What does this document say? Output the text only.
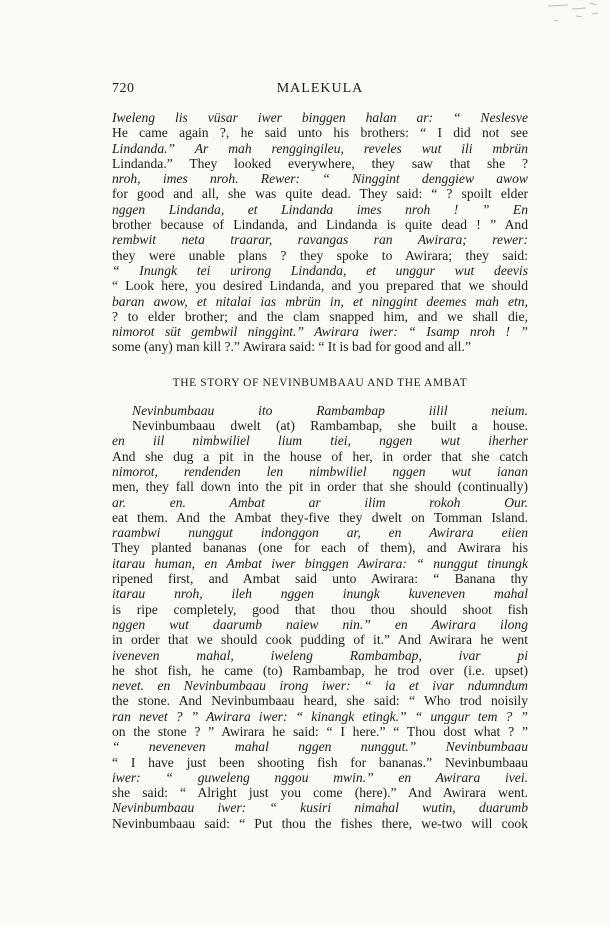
720	MALEKULA
Iweleng lis vüsar iwer binggen halan ar: “ Neslesve
He came again ?, he said unto his brothers: “ I did not see
Lindanda.” Ar mah renggingileu, reveles wut ili mbrün
Lindanda.” They looked everywhere, they saw that she ?
nroh, imes nroh. Rewer: “ Ninggint denggiew awow
for good and all, she was quite dead. They said: “ ? spoilt elder
nggen Lindanda, et Lindanda imes nroh ! ” En
brother because of Lindanda, and Lindanda is quite dead ! ” And
rembwit neta traarar, ravangas ran Awirara; rewer:
they were unable plans ? they spoke to Awirara; they said:
“ Inungk tei urirong Lindanda, et unggur wut deevis
“ Look here, you desired Lindanda, and you prepared that we should
baran awow, et nitalai ias mbrün in, et ninggint deemes mah etn,
? to elder brother; and the clam snapped him, and we shall die,
nimorot süt gembwil ninggint.” Awirara iwer: “ Isamp nroh ! ”
some (any) man kill ?.” Awirara said: “ It is bad for good and all.”
THE STORY OF NEVINBUMBAAU AND THE AMBAT
Nevinbumbaau ito Rambambap iilil neium.
Nevinbumbaau dwelt (at) Rambambap, she built a house.
en iil nimbwiliel lium tiei, nggen wut iherher
And she dug a pit in the house of her, in order that she catch
nimorot, rendenden len nimbwiliel nggen wut ianan
men, they fall down into the pit in order that she should (continually)
ar. en. Ambat ar ilim rokoh Our.
eat them. And the Ambat they-five they dwelt on Tomman Island.
raambwi nunggut indonggon ar, en Awirara eiien
They planted bananas (one for each of them), and Awirara his
itarau human, en Ambat iwer binggen Awirara: “ nunggut tinungk
ripened first, and Ambat said unto Awirara: “ Banana thy
itarau nroh, ileh nggen inungk kuveneven mahal
is ripe completely, good that thou thou should shoot fish
nggen wut daarumb naiew nin.” en Awirara ilong
in order that we should cook pudding of it.” And Awirara he went
iveneven mahal, iweleng Rambambap, ivar pi
he shot fish, he came (to) Rambambap, he trod over (i.e. upset)
nevet. en Nevinbumbaau irong iwer: “ ia et ivar ndumndum
the stone. And Nevinbumbaau heard, she said: “ Who trod noisily
ran nevet ? ” Awirara iwer: “ kinangk etingk.” “ unggur tem ? ”
on the stone ? ” Awirara he said: “ I here.” “ Thou dost what ? ”
“ neveneven mahal nggen nunggut.” Nevinbumbaau
“ I have just been shooting fish for bananas.” Nevinbumbaau
iwer: “ guweleng nggou mwin.” en Awirara ivei.
she said: “ Alright just you come (here).” And Awirara went.
Nevinbumbaau iwer: “ kusiri nimahal wutin, duarumb
Nevinbumbaau said: “ Put thou the fishes there, we-two will cook
